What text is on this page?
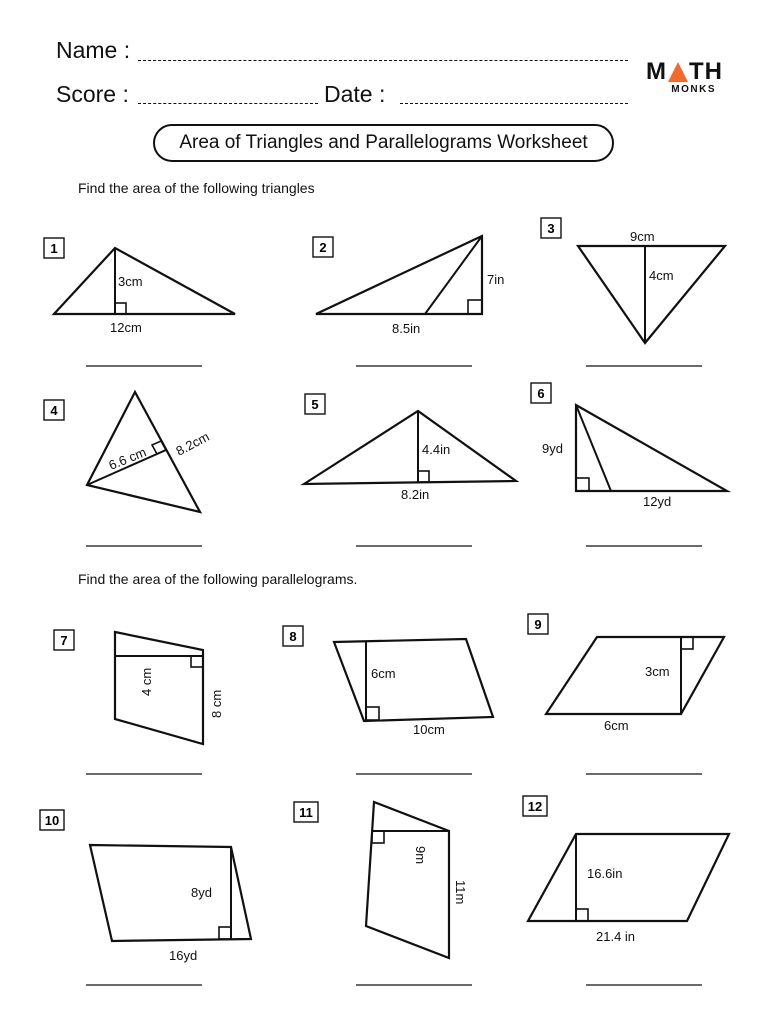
Name :
Score :	Date :
M TH
MONKS
Area of Triangles and Parallelograms Worksheet
Find the area of the following triangles
Find the area of the following parallelograms.
1
3cm
12cm
2
7in
8.5in
3
9cm
4cm
4
6.6 cm 8.2cm
5
4.4in
8.2in
6
9yd
12yd
7
4 cm
8 cm
8
6cm
10cm
9
3cm
6cm
10
8yd
16yd
11
9m
11m
12
16.6in
21.4 in
